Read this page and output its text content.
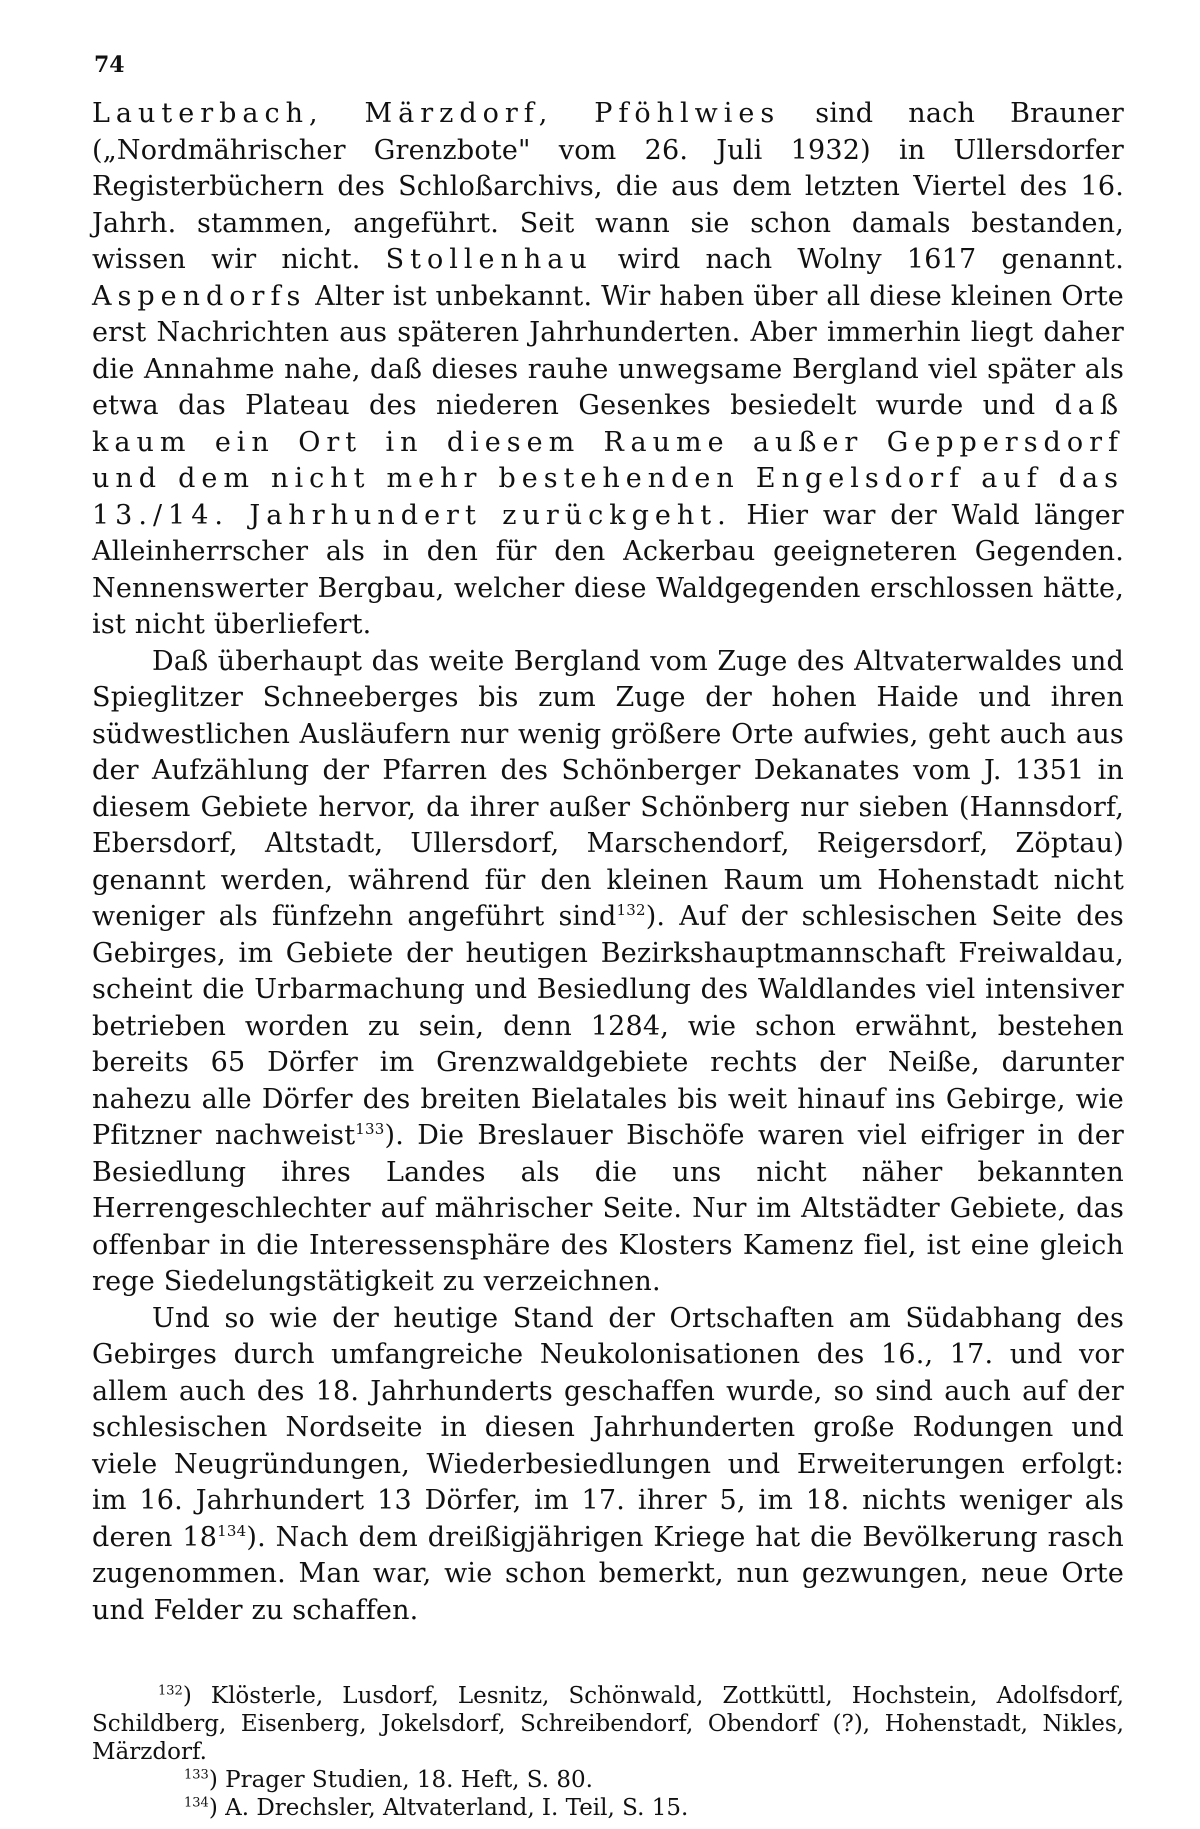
74

Lauterbach, Märzdorf, Pföhlwies sind nach Brauner („Nordmährischer Grenzbote" vom 26. Juli 1932) in Ullersdorfer Registerbüchern des Schloßarchivs, die aus dem letzten Viertel des 16. Jahrh. stammen, angeführt. Seit wann sie schon damals bestanden, wissen wir nicht. Stollenhau wird nach Wolny 1617 genannt. Aspendorfs Alter ist unbekannt. Wir haben über all diese kleinen Orte erst Nachrichten aus späteren Jahrhunderten. Aber immerhin liegt daher die Annahme nahe, daß dieses rauhe unwegsame Bergland viel später als etwa das Plateau des niederen Gesenkes besiedelt wurde und daß kaum ein Ort in diesem Raume außer Geppersdorf und dem nicht mehr bestehenden Engelsdorf auf das 13./14. Jahrhundert zurückgeht. Hier war der Wald länger Alleinherrscher als in den für den Ackerbau geeigneteren Gegenden. Nennenswerter Bergbau, welcher diese Waldgegenden erschlossen hätte, ist nicht überliefert.

Daß überhaupt das weite Bergland vom Zuge des Altvaterwaldes und Spieglitzer Schneeberges bis zum Zuge der hohen Haide und ihren südwestlichen Ausläufern nur wenig größere Orte aufwies, geht auch aus der Aufzählung der Pfarren des Schönberger Dekanates vom J. 1351 in diesem Gebiete hervor, da ihrer außer Schönberg nur sieben (Hannsdorf, Ebersdorf, Altstadt, Ullersdorf, Marschendorf, Reigersdorf, Zöptau) genannt werden, während für den kleinen Raum um Hohenstadt nicht weniger als fünfzehn angeführt sind$^{132}$). Auf der schlesischen Seite des Gebirges, im Gebiete der heutigen Bezirkshauptmannschaft Freiwaldau, scheint die Urbarmachung und Besiedlung des Waldlandes viel intensiver betrieben worden zu sein, denn 1284, wie schon erwähnt, bestehen bereits 65 Dörfer im Grenzwaldgebiete rechts der Neiße, darunter nahezu alle Dörfer des breiten Bielatales bis weit hinauf ins Gebirge, wie Pfitzner nachweist$^{133}$). Die Breslauer Bischöfe waren viel eifriger in der Besiedlung ihres Landes als die uns nicht näher bekannten Herrengeschlechter auf mährischer Seite. Nur im Altstädter Gebiete, das offenbar in die Interessensphäre des Klosters Kamenz fiel, ist eine gleich rege Siedelungstätigkeit zu verzeichnen.

Und so wie der heutige Stand der Ortschaften am Südabhang des Gebirges durch umfangreiche Neukolonisationen des 16., 17. und vor allem auch des 18. Jahrhunderts geschaffen wurde, so sind auch auf der schlesischen Nordseite in diesen Jahrhunderten große Rodungen und viele Neugründungen, Wiederbesiedlungen und Erweiterungen erfolgt: im 16. Jahrhundert 13 Dörfer, im 17. ihrer 5, im 18. nichts weniger als deren 18$^{134}$). Nach dem dreißigjährigen Kriege hat die Bevölkerung rasch zugenommen. Man war, wie schon bemerkt, nun gezwungen, neue Orte und Felder zu schaffen.

$^{132}$) Klösterle, Lusdorf, Lesnitz, Schönwald, Zottküttl, Hochstein, Adolfsdorf, Schildberg, Eisenberg, Jokelsdorf, Schreibendorf, Obendorf (?), Hohenstadt, Nikles, Märzdorf.

$^{133}$) Prager Studien, 18. Heft, S. 80.

$^{134}$) A. Drechsler, Altvaterland, I. Teil, S. 15.
